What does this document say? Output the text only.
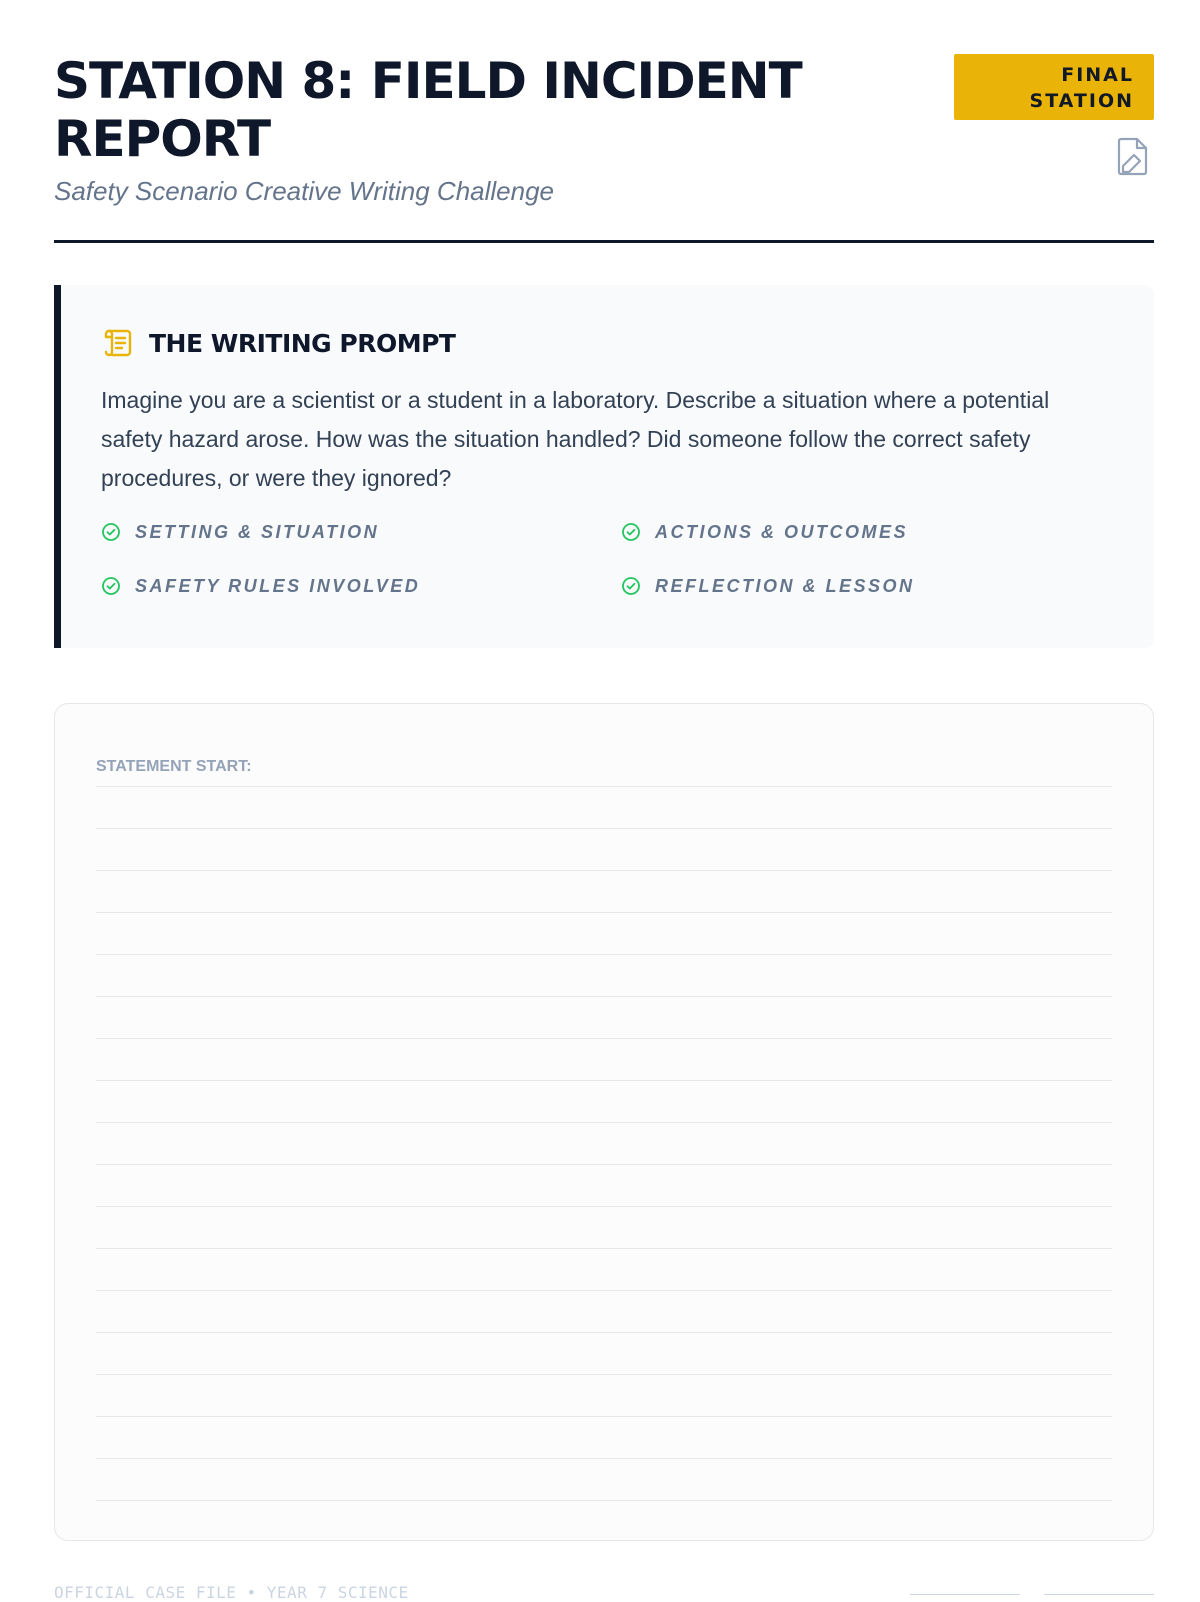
STATION 8: FIELD INCIDENT REPORT

Safety Scenario Creative Writing Challenge

FINAL STATION
THE WRITING PROMPT

Imagine you are a scientist or a student in a laboratory. Describe a situation where a potential safety hazard arose. How was the situation handled? Did someone follow the correct safety procedures, or were they ignored?

SETTING & SITUATION	ACTIONS & OUTCOMES
SAFETY RULES INVOLVED	REFLECTION & LESSON
STATEMENT START:
OFFICIAL CASE FILE • YEAR 7 SCIENCE
